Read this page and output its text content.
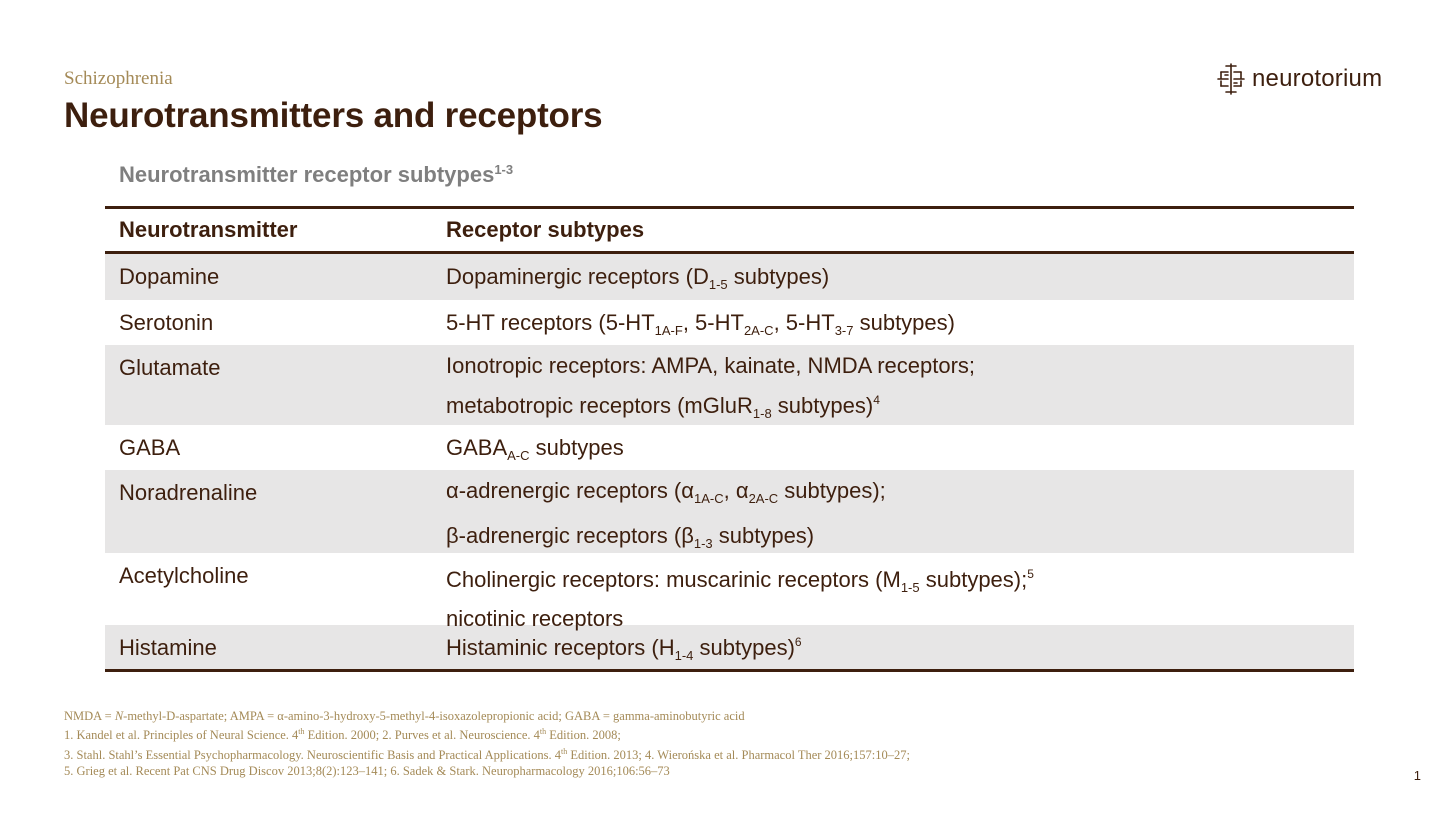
Schizophrenia
Neurotransmitters and receptors
neurotorium
Neurotransmitter receptor subtypes$^{1-3}$
Neurotransmitter	Receptor subtypes
Dopamine	Dopaminergic receptors ($D_{1-5}$ subtypes)
Serotonin	5-HT receptors ($5-HT_{1A-F}$, $5-HT_{2A-C}$, $5-HT_{3-7}$ subtypes)
Glutamate	Ionotropic receptors: AMPA, kainate, NMDA receptors;
metabotropic receptors (mGluR$_{1-8}$ subtypes)$^4$
GABA	$GABA_{A-C}$ subtypes
Noradrenaline	α-adrenergic receptors ($\alpha_{1A-C}$, $\alpha_{2A-C}$ subtypes);
β-adrenergic receptors ($\beta_{1-3}$ subtypes)
Acetylcholine	Cholinergic receptors: muscarinic receptors ($M_{1-5}$ subtypes);$^5$
nicotinic receptors
Histamine	Histaminic receptors ($H_{1-4}$ subtypes)$^6$
NMDA = N-methyl-D-aspartate; AMPA = α-amino-3-hydroxy-5-methyl-4-isoxazolepropionic acid; GABA = gamma-aminobutyric acid
1. Kandel et al. Principles of Neural Science. 4th Edition. 2000; 2. Purves et al. Neuroscience. 4th Edition. 2008;
3. Stahl. Stahl’s Essential Psychopharmacology. Neuroscientific Basis and Practical Applications. 4th Edition. 2013; 4. Wierońska et al. Pharmacol Ther 2016;157:10–27;
5. Grieg et al. Recent Pat CNS Drug Discov 2013;8(2):123–141; 6. Sadek & Stark. Neuropharmacology 2016;106:56–73	1
